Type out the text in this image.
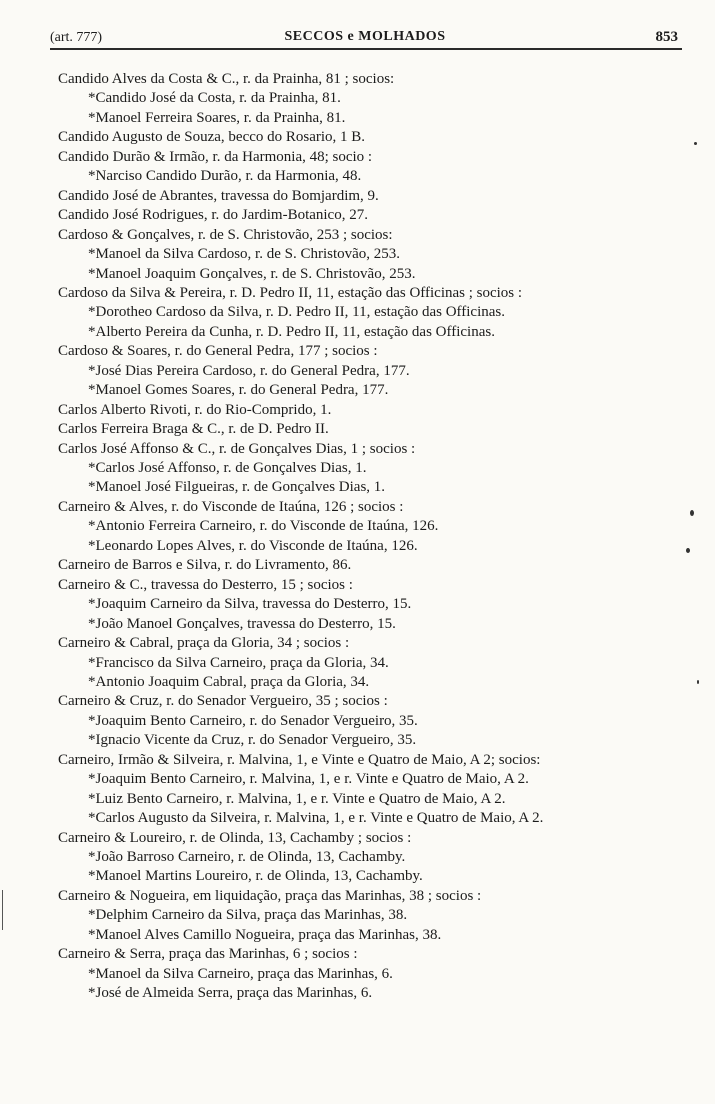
(art. 777)	SECCOS e MOLHADOS	853
Candido Alves da Costa & C., r. da Prainha, 81 ; socios:
*Candido José da Costa, r. da Prainha, 81.
*Manoel Ferreira Soares, r. da Prainha, 81.
Candido Augusto de Souza, becco do Rosario, 1 B.
Candido Durão & Irmão, r. da Harmonia, 48; socio :
*Narciso Candido Durão, r. da Harmonia, 48.
Candido José de Abrantes, travessa do Bomjardim, 9.
Candido José Rodrigues, r. do Jardim-Botanico, 27.
Cardoso & Gonçalves, r. de S. Christovão, 253 ; socios:
*Manoel da Silva Cardoso, r. de S. Christovão, 253.
*Manoel Joaquim Gonçalves, r. de S. Christovão, 253.
Cardoso da Silva & Pereira, r. D. Pedro II, 11, estação das Officinas ; socios :
*Dorotheo Cardoso da Silva, r. D. Pedro II, 11, estação das Officinas.
*Alberto Pereira da Cunha, r. D. Pedro II, 11, estação das Officinas.
Cardoso & Soares, r. do General Pedra, 177 ; socios :
*José Dias Pereira Cardoso, r. do General Pedra, 177.
*Manoel Gomes Soares, r. do General Pedra, 177.
Carlos Alberto Rivoti, r. do Rio-Comprido, 1.
Carlos Ferreira Braga & C., r. de D. Pedro II.
Carlos José Affonso & C., r. de Gonçalves Dias, 1 ; socios :
*Carlos José Affonso, r. de Gonçalves Dias, 1.
*Manoel José Filgueiras, r. de Gonçalves Dias, 1.
Carneiro & Alves, r. do Visconde de Itaúna, 126 ; socios :
*Antonio Ferreira Carneiro, r. do Visconde de Itaúna, 126.
*Leonardo Lopes Alves, r. do Visconde de Itaúna, 126.
Carneiro de Barros e Silva, r. do Livramento, 86.
Carneiro & C., travessa do Desterro, 15 ; socios :
*Joaquim Carneiro da Silva, travessa do Desterro, 15.
*João Manoel Gonçalves, travessa do Desterro, 15.
Carneiro & Cabral, praça da Gloria, 34 ; socios :
*Francisco da Silva Carneiro, praça da Gloria, 34.
*Antonio Joaquim Cabral, praça da Gloria, 34.
Carneiro & Cruz, r. do Senador Vergueiro, 35 ; socios :
*Joaquim Bento Carneiro, r. do Senador Vergueiro, 35.
*Ignacio Vicente da Cruz, r. do Senador Vergueiro, 35.
Carneiro, Irmão & Silveira, r. Malvina, 1, e Vinte e Quatro de Maio, A 2; socios:
*Joaquim Bento Carneiro, r. Malvina, 1, e r. Vinte e Quatro de Maio, A 2.
*Luiz Bento Carneiro, r. Malvina, 1, e r. Vinte e Quatro de Maio, A 2.
*Carlos Augusto da Silveira, r. Malvina, 1, e r. Vinte e Quatro de Maio, A 2.
Carneiro & Loureiro, r. de Olinda, 13, Cachamby ; socios :
*João Barroso Carneiro, r. de Olinda, 13, Cachamby.
*Manoel Martins Loureiro, r. de Olinda, 13, Cachamby.
Carneiro & Nogueira, em liquidação, praça das Marinhas, 38 ; socios :
*Delphim Carneiro da Silva, praça das Marinhas, 38.
*Manoel Alves Camillo Nogueira, praça das Marinhas, 38.
Carneiro & Serra, praça das Marinhas, 6 ; socios :
*Manoel da Silva Carneiro, praça das Marinhas, 6.
*José de Almeida Serra, praça das Marinhas, 6.
